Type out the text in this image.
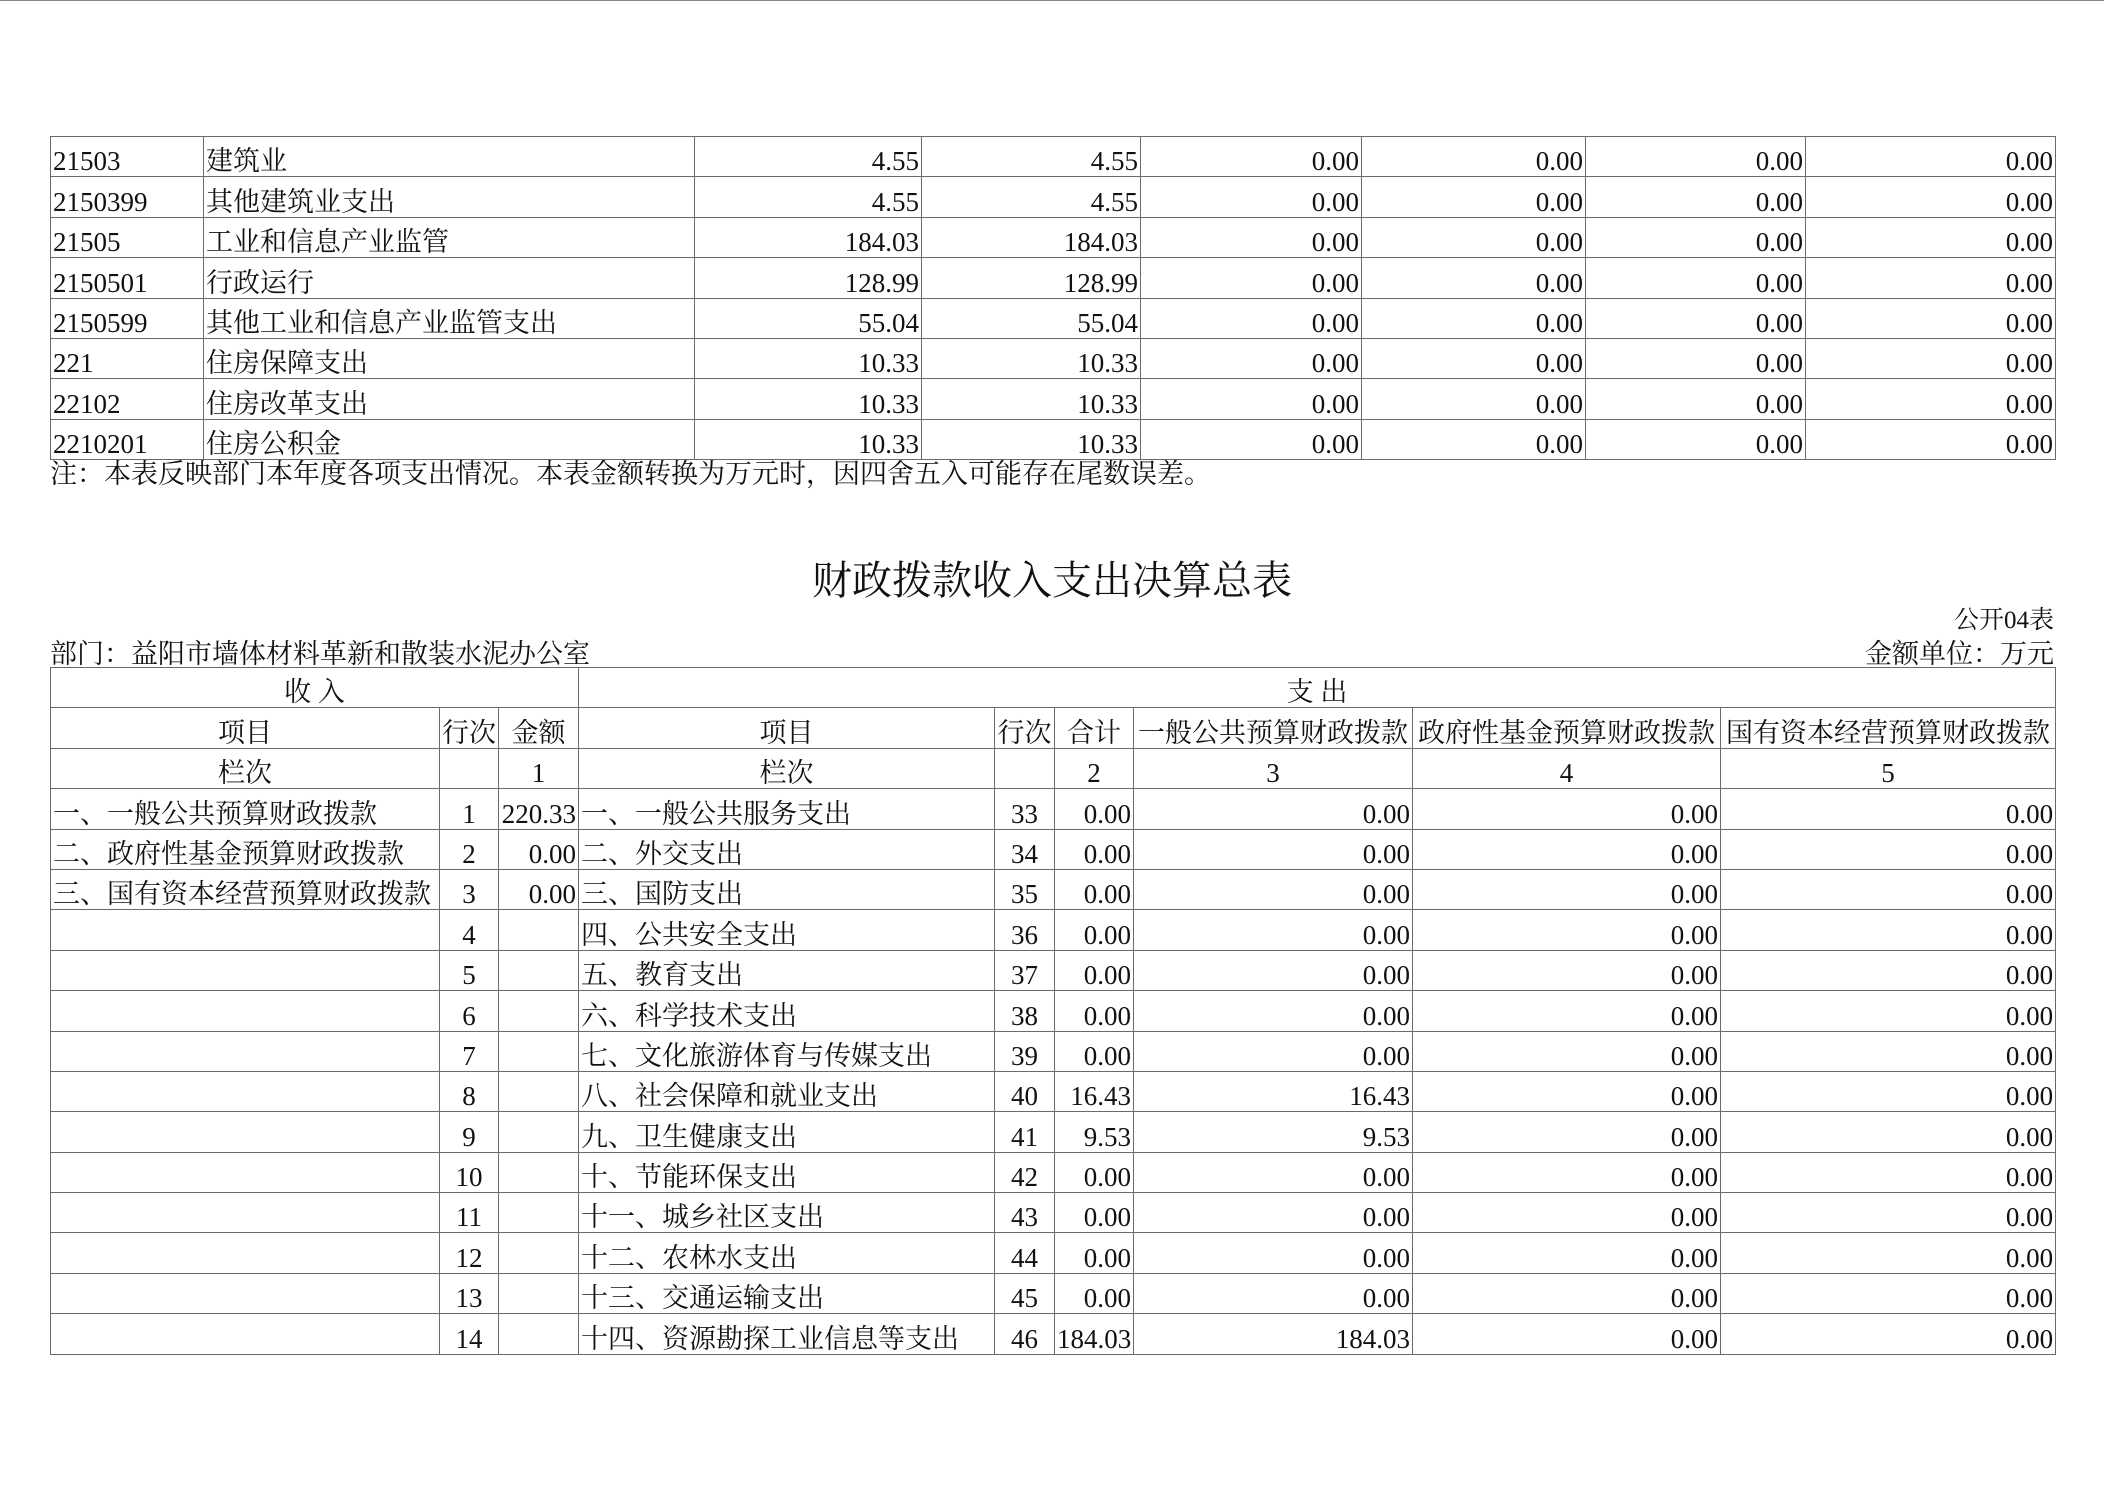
21503	建筑业	4.55	4.55	0.00	0.00	0.00	0.00
2150399	其他建筑业支出	4.55	4.55	0.00	0.00	0.00	0.00
21505	工业和信息产业监管	184.03	184.03	0.00	0.00	0.00	0.00
2150501	行政运行	128.99	128.99	0.00	0.00	0.00	0.00
2150599	其他工业和信息产业监管支出	55.04	55.04	0.00	0.00	0.00	0.00
221	住房保障支出	10.33	10.33	0.00	0.00	0.00	0.00
22102	住房改革支出	10.33	10.33	0.00	0.00	0.00	0.00
2210201	住房公积金	10.33	10.33	0.00	0.00	0.00	0.00
注：本表反映部门本年度各项支出情况。本表金额转换为万元时，因四舍五入可能存在尾数误差。
财政拨款收入支出决算总表
公开04表
部门：益阳市墙体材料革新和散装水泥办公室	金额单位：万元
收 入			支 出					
项目	行次	金额	项目	行次	合计	一般公共预算财政拨款	政府性基金预算财政拨款	国有资本经营预算财政拨款
栏次		1	栏次		2	3	4	5
一、一般公共预算财政拨款	1	220.33	一、一般公共服务支出	33	0.00	0.00	0.00	0.00
二、政府性基金预算财政拨款	2	0.00	二、外交支出	34	0.00	0.00	0.00	0.00
三、国有资本经营预算财政拨款	3	0.00	三、国防支出	35	0.00	0.00	0.00	0.00
	4		四、公共安全支出	36	0.00	0.00	0.00	0.00
	5		五、教育支出	37	0.00	0.00	0.00	0.00
	6		六、科学技术支出	38	0.00	0.00	0.00	0.00
	7		七、文化旅游体育与传媒支出	39	0.00	0.00	0.00	0.00
	8		八、社会保障和就业支出	40	16.43	16.43	0.00	0.00
	9		九、卫生健康支出	41	9.53	9.53	0.00	0.00
	10		十、节能环保支出	42	0.00	0.00	0.00	0.00
	11		十一、城乡社区支出	43	0.00	0.00	0.00	0.00
	12		十二、农林水支出	44	0.00	0.00	0.00	0.00
	13		十三、交通运输支出	45	0.00	0.00	0.00	0.00
	14		十四、资源勘探工业信息等支出	46	184.03	184.03	0.00	0.00
